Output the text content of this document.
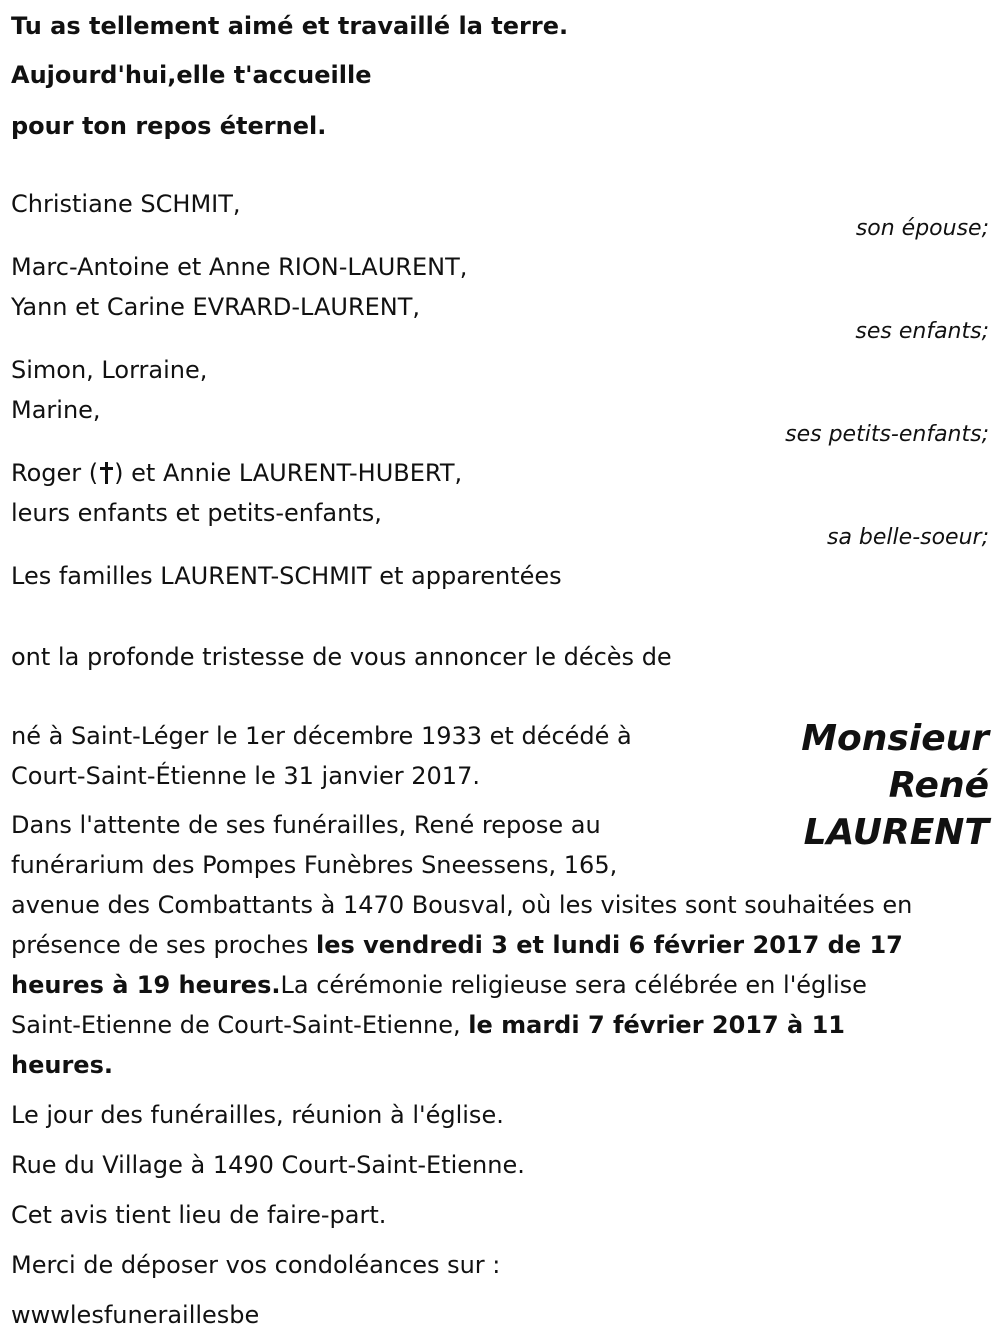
Tu as tellement aimé et travaillé la terre.
Aujourd'hui,elle t'accueille
pour ton repos éternel.
Christiane SCHMIT,
son épouse;
Marc-Antoine et Anne RION-LAURENT,
Yann et Carine EVRARD-LAURENT,
ses enfants;
Simon, Lorraine,
Marine,
ses petits-enfants;
Roger ( ) et Annie LAURENT-HUBERT,
leurs enfants et petits-enfants,
sa belle-soeur;
Les familles LAURENT-SCHMIT et apparentées
ont la profonde tristesse de vous annoncer le décès de
Monsieur
René
LAURENT
né à Saint-Léger le 1er décembre 1933 et décédé à
Court-Saint-Étienne le 31 janvier 2017.
Dans l'attente de ses funérailles, René repose au
funérarium des Pompes Funèbres Sneessens, 165,
avenue des Combattants à 1470 Bousval, où les visites sont souhaitées en
présence de ses proches les vendredi 3 et lundi 6 février 2017 de 17
heures à 19 heures.La cérémonie religieuse sera célébrée en l'église
Saint-Etienne de Court-Saint-Etienne, le mardi 7 février 2017 à 11
heures.
Le jour des funérailles, réunion à l'église.
Rue du Village à 1490 Court-Saint-Etienne.
Cet avis tient lieu de faire-part.
Merci de déposer vos condoléances sur :
wwwlesfuneraillesbe
